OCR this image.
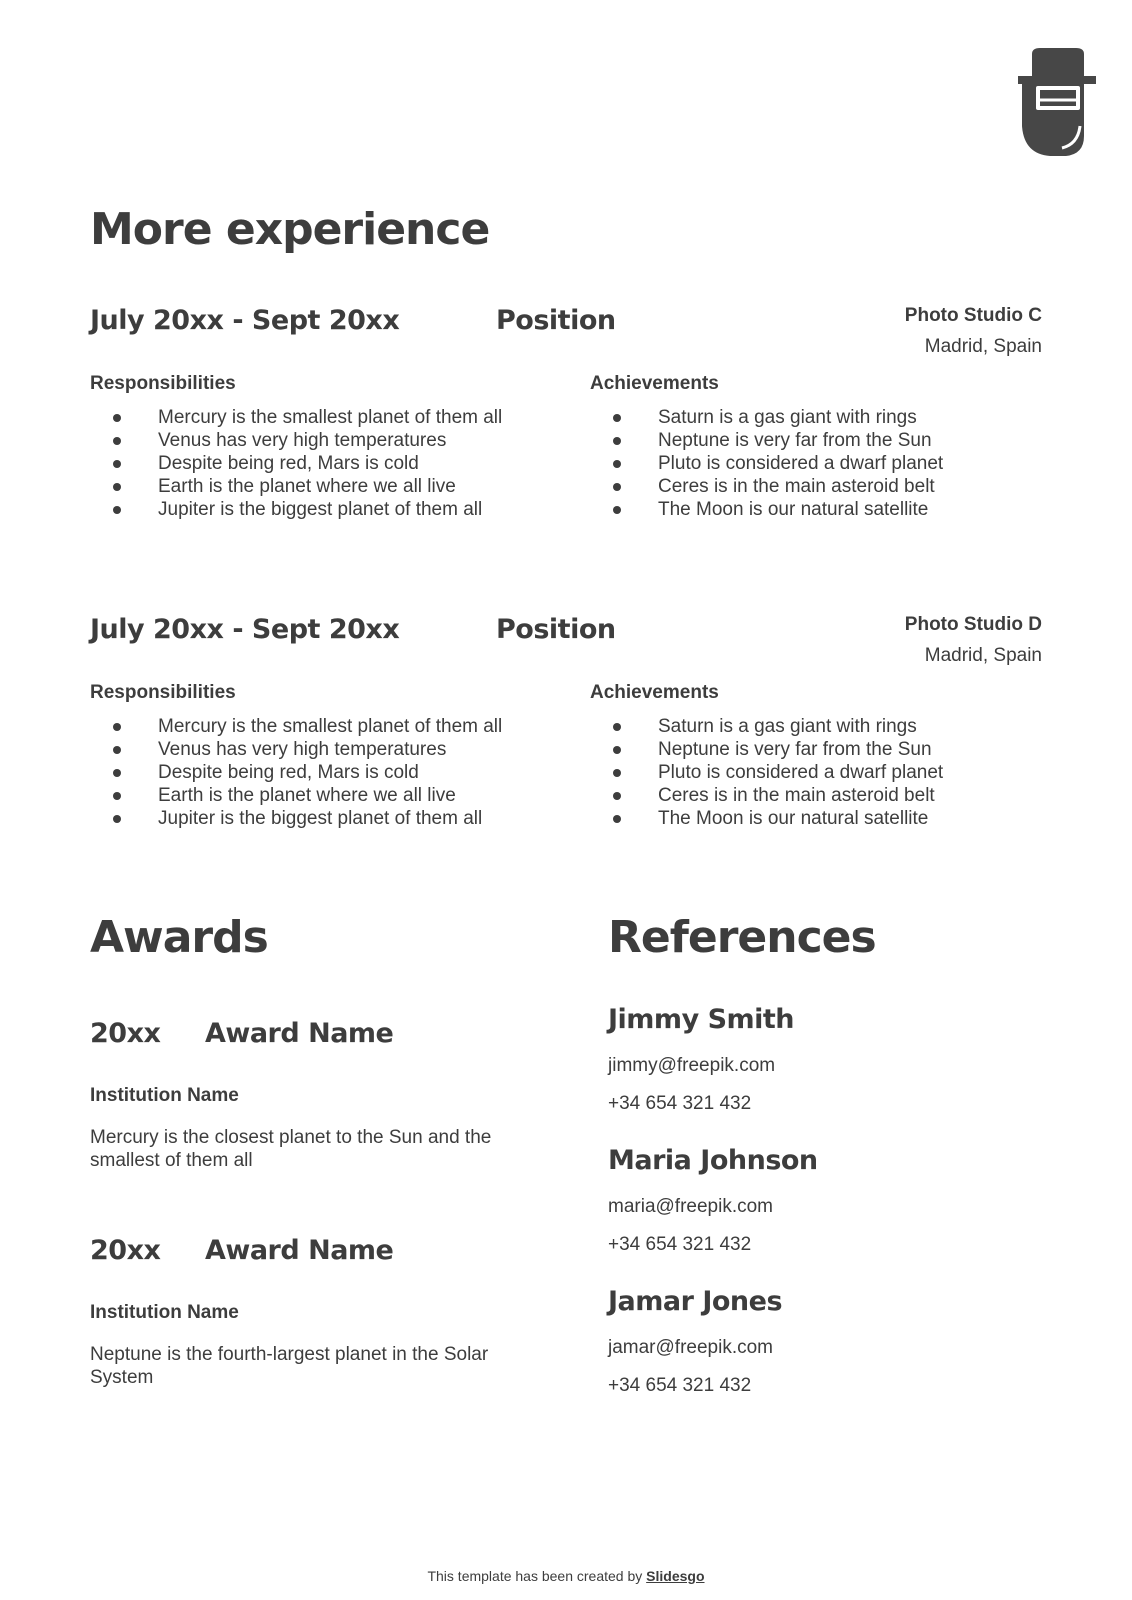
More experience
July 20xx - Sept 20xx	Position	Photo Studio C
Madrid, Spain
Responsibilities
Mercury is the smallest planet of them all
Venus has very high temperatures
Despite being red, Mars is cold
Earth is the planet where we all live
Jupiter is the biggest planet of them all
Achievements
Saturn is a gas giant with rings
Neptune is very far from the Sun
Pluto is considered a dwarf planet
Ceres is in the main asteroid belt
The Moon is our natural satellite
July 20xx - Sept 20xx	Position	Photo Studio D
Madrid, Spain
Responsibilities
Mercury is the smallest planet of them all
Venus has very high temperatures
Despite being red, Mars is cold
Earth is the planet where we all live
Jupiter is the biggest planet of them all
Achievements
Saturn is a gas giant with rings
Neptune is very far from the Sun
Pluto is considered a dwarf planet
Ceres is in the main asteroid belt
The Moon is our natural satellite
Awards
20xx Award Name
Institution Name
Mercury is the closest planet to the Sun and the smallest of them all
20xx Award Name
Institution Name
Neptune is the fourth-largest planet in the Solar System
References
Jimmy Smith
jimmy@freepik.com
+34 654 321 432
Maria Johnson
maria@freepik.com
+34 654 321 432
Jamar Jones
jamar@freepik.com
+34 654 321 432
This template has been created by Slidesgo
